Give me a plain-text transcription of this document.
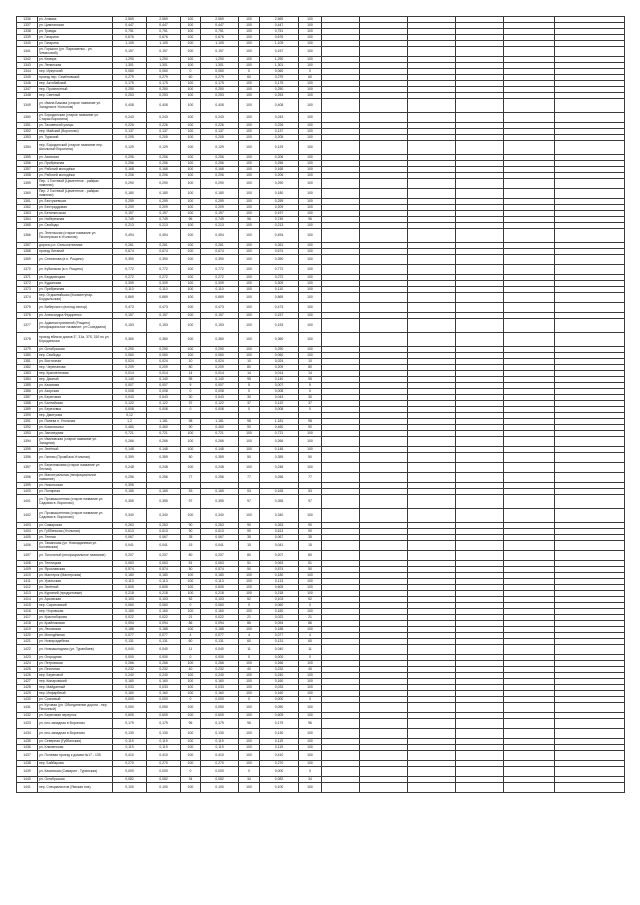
1336	ул. Алмаза	2,569	2,569	100	2,569	100	2,569	100						
1337	ул. Цимлянская	0,447	0,447	100	0,447	100	0,447	100						
1338	ул. Травды	0,751	0,751	100	0,751	100	0,751	100						
1339	ул. Гагарина	0,676	0,676	100	0,676	100	0,676	100						
1340	ул. Гагарина	1,105	1,105	100	1,105	100	1,105	100						
1341	ул. Горького (ул. Пархоменко - ул. Чемесовой)	0,157	0,157	100	0,157	100	0,157	100						
1342	ул. Кемира	1,290	1,290	100	1,290	100	1,290	100						
1343	ул. Лепинская	1,301	1,301	100	1,301	100	1,301	100						
1344	пер. Иркутский	0,060	0,060	0	0,060	0	0,060	0						
1345	проезд пер. Семёновский	0,279	0,279	60	0,279	60	0,279	60						
1346	пер. Актобайский	0,175	0,175	100	0,175	100	0,175	100						
1347	пер. Проспектный	0,250	0,250	100	0,250	100	0,250	100						
1348	пер. Светлый	0,253	0,253	100	0,253	100	0,253	100						
1349	ул. Ивана Бажова (старое название ул. Загадная в Угольном)	0,408	0,408	100	0,408	100	0,408	100						
1350	ул. Бородинская (старое название ул. Старая Воронина)	0,243	0,243	100	0,243	100	0,243	100						
1351	ул. Тахавеской улицы	0,226	0,226	100	0,226	100	0,226	100						
1352	пер. Майский (Вороново)	0,137	0,137	100	0,137	100	0,137	100						
1353	ул. Туркский	0,205	0,205	100	0,205	100	0,205	100						
1354	пер. Бородинский (старое название пер. Школьный Воронина)	0,129	0,129	100	0,129	100	0,129	100						
1355	ул. Азовская	0,206	0,206	100	0,206	100	0,206	100						
1356	ул. Прибрежная	0,256	0,256	100	0,256	100	0,256	100						
1357	ул. Рабочий молодёжи	0,168	0,168	100	0,168	100	0,168	100						
1358	ул. Рабочей молодёжи	0,206	0,206	100	0,206	100	0,206	100						
1359	Пер. 1 Гостевой (Цементное - райфас лимнеки)	0,290	0,290	100	0,290	100	0,290	100						
1360	Пер. 2 Гостевой (Цементное - райфас лимнеки)	0,180	0,180	100	0,180	100	0,180	100						
1361	ул. Бестужевских	0,259	0,259	100	0,259	100	0,259	100						
1362	ул. Бестриддовая	0,209	0,209	100	0,209	100	0,209	100						
1363	ул. Бетанкесская	0,197	0,197	100	0,197	100	0,197	100						
1364	ул. Набережная	0,749	0,749	96	0,749	96	0,749	96						
1365	ул. Свободы	0,213	0,213	100	0,213	100	0,213	100						
1366	ул. Энгельская (старое название ул. Пионерская в Угольном)	0,494	0,494	100	0,494	100	0,494	100						
1367	дорога р.п. Сельхозтехника	0,261	0,261	100	0,261	100	0,261	100						
1368	проезд Литаний	0,674	0,674	100	0,674	100	0,674	100						
1369	ул. Степанова (в п. Рощино)	0,390	0,390	100	0,390	100	0,390	100						
1370	ул. Кубанская (в п. Рощино)	0,772	0,772	100	0,772	100	0,772	100						
1371	ул. Бердовецкая	0,272	0,272	100	0,272	100	0,272	100						
1372	ул. Кудыпская	0,309	0,309	100	0,309	100	0,309	100						
1373	ул. Прибрежная	0,110	0,110	100	0,110	100	0,110	100						
1374	пер. Отдомнийская (Космиптунар-Бордыльская)	0,869	0,869	100	0,869	100	0,869	100						
1375	ул. Виберского (взгляд сектор)	0,473	0,473	100	0,473	100	0,473	100						
1376	ул. Александра Федоренко	0,157	0,157	100	0,157	100	0,157	100						
1377	ул. Административной (Рощино) (неофициальное название: ул Соседаина)	0,153	0,153	100	0,153	100	0,153	100						
1378	проезд вблизи домов 3", 31а, 37б, 31б по ул. Бородинская	0,360	0,360	100	0,360	100	0,360	100						
1379	ул. Октябрьская	0,290	0,290	100	0,290	100	0,290	100						
1380	пер. Свободы	0,060	0,060	100	0,060	100	0,060	100						
1381	ул. Восточная	0,024	0,024	10	0,024	10	0,024	10						
1382	пер. Черепанова	0,209	0,209	80	0,209	80	0,209	80						
1383	пер. Кригментовая	0,014	0,014	14	0,014	14	0,014	14						
1384	пер. Дачный	0,140	0,140	95	0,140	95	0,140	95						
1385	ул. Казанова	0,007	0,007	5	0,007	5	0,007	5						
1386	ул. Азорская	0,008	0,008	0	0,008	0	0,008	0						
1387	ул. Береговая	0,043	0,043	30	0,043	30	0,043	30						
1388	ул. Балтийская	0,122	0,122	37	0,122	37	0,122	37						
1389	ул. Березовка	0,008	0,008	0	0,008	0	0,008	0						
1390	пер. Дмитрова	0,12												
1391	ул. Панева п. Угольная	1,2	1,181	98	1,181	98	1,181	98						
1392	ул. Комсомольс	0,460	0,460	90	0,460	90	0,460	90						
1393	ул. Заповедная	0,721	0,721	100	0,721	100	0,721	100						
1394	ул. Ивановская (старое название ул. Загадная)	0,266	0,266	100	0,266	100	0,266	100						
1395	ул. Зелёный	0,148	0,148	100	0,148	100	0,148	100						
1396	ул. Ганная (ПромБаза Угольная)	0,359	0,359	50	0,359	50	0,359	50						
1397	ул. Березняковая (старое название ул. Лесная)	0,248	0,248	100	0,248	100	0,248	100						
1398	ул. Магистральная (неофициальное название)	0,256	0,256	77	0,256	77	0,256	77						
1399	ул. Никольская	0,395												
1400	ул. Полярная	0,165	0,165	53	0,165	53	0,165	53						
1401	ул. Промышленная (старое название ул. Садовая в. Вороново)	0,355	0,355	97	0,355	97	0,355	97						
1402	ул. Промышленная (старое название ул. Садовая в. Вороново)	0,340	0,340	100	0,340	100	0,340	100						
1403	ул. Самарская	0,263	0,263	90	0,263	90	0,263	90						
1404	ул. Губбинская (Угольная)	0,613	0,613	90	0,613	90	0,613	90						
1405	ул. Тенная	0,067	0,067	35	0,067	35	0,067	35						
1406	ул. Таманская (ул. Новоаданевки ул. Колчевская)	0,041	0,041	15	0,041	15	0,041	15						
1407	ул. Тополиной (неофициальное название)	0,207	0,207	80	0,207	80	0,207	80						
1408	ул. Теплицкая	0,063	0,063	51	0,063	51	0,063	51						
1409	ул. Ярославская	0,574	0,574	50	0,574	50	0,574	50						
1410	ул. Мастерск (Мастерская)	0,180	0,180	100	0,180	100	0,180	100						
1411	ул. Уральская	0,113	0,113	100	0,113	100	0,113	100						
1412	ул. Зелёный	0,605	0,605	100	0,605	100	0,605	100						
1413	ул. Курганий (продуктовые)	0,218	0,218	100	0,218	100	0,218	100						
1414	ул. Арсовская	0,103	0,103	52	0,103	52	0,103	52						
1415	пер. Саратовский	0,060	0,060	0	0,060	0	0,060	0						
1416	пер. Норовская	0,160	0,160	100	0,160	100	0,160	100						
1417	ул. Красноборова	0,022	0,022	21	0,022	21	0,022	21						
1418	ул. Крайняковая	0,094	0,094	86	0,094	86	0,094	86						
1419	ул. Лесовская	0,188	0,188	100	0,188	100	0,188	100						
1420	ул. Молодёжная	0,077	0,077	4	0,077	4	0,077	4						
1421	ул. Новоусадебная	0,131	0,131	60	0,131	60	0,131	60						
1422	ул. Новоашнадная (ул. Туранбаев)	0,040	0,040	11	0,040	11	0,040	11						
1423	ул. Огородная	0,000	0,000	0	0,000	0	0,000	0						
1424	ул. Петровская	0,266	0,266	100	0,266	100	0,266	100						
1425	ул. Песочная	0,232	0,232	40	0,232	40	0,232	40						
1426	пер. Береговой	0,240	0,240	100	0,240	100	0,240	100						
1427	пер. Кипаровский	0,160	0,160	100	0,160	100	0,160	100						
1428	пер. Майданный	0,033	0,033	100	0,033	100	0,033	100						
1429	пер. Инфарбный	0,160	0,160	100	0,160	100	0,160	100						
1430	ул. Сосновый	0,000	0,000	0	0,000	0	0,000	0						
1431	ул. Кутовая (ул. Объединение дороги - пер. Песочный)	0,050	0,050	100	0,050	100	0,050	100						
1432	ул. Береговая переулок	0,605	0,605	100	0,605	100	0,605	100						
1433	ул. юго-западная в Вороново	0,179	0,179	96	0,179	96	0,179	96						
1434	ул. юго-западная в Вороново	0,130	0,130	100	0,130	100	0,130	100						
1435	ул. Северная (Губбинская)	0,119	0,119	100	0,119	100	0,119	100						
1436	ул. Клименская	0,119	0,119	100	0,119	100	0,119	100						
1437	ул. Полевая проезд к домам №17 - 135	0,410	0,410	100	0,410	100	0,410	100						
1438	пер. Байбарова	0,270	0,270	100	0,270	100	0,270	100						
1439	ул. Казанская (Самарин - Туринская)	0,000	0,000	0	0,000	0	0,000	0						
1440	ул. Октябрьская	0,082	0,082	34	0,082	34	0,082	34						
1441	пер. Специалистов (Ямская пов)	0,100	0,100	100	0,100	100	0,100	100						
